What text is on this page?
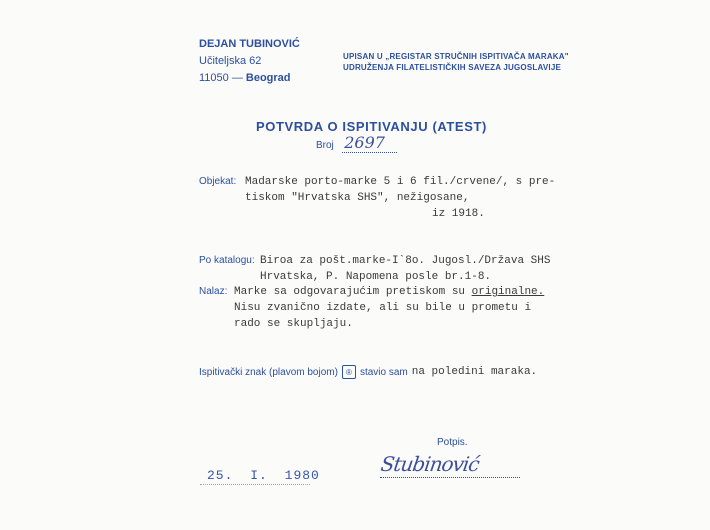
DEJAN TUBINOVIĆ
Učiteljska 62
11050 — Beograd
UPISAN U „REGISTAR STRUČNIH ISPITIVAČA MARAKA"
UDRUŽENJA FILATELISTIČKIH SAVEZA JUGOSLAVIJE
POTVRDA O ISPITIVANJU (ATEST)
Broj 2697
Objekat: Madarske porto-marke 5 i 6 fil./crvene/, s pre-
tiskom "Hrvatska SHS", nežigosane,
iz 1918.
Po katalogu: Biroa za pošt.marke-I`8o. Jugosl./Država SHS
Hrvatska, P. Napomena posle br.1-8.
Nalaz: Marke sa odgovarajućim pretiskom su originalne.
Nisu zvanično izdate, ali su bile u prometu i
rado se skupljaju.
Ispitivački znak (plavom bojom)	® stavio sam na poledini maraka.
Potpis.
Stubinović
25. I. 1980
